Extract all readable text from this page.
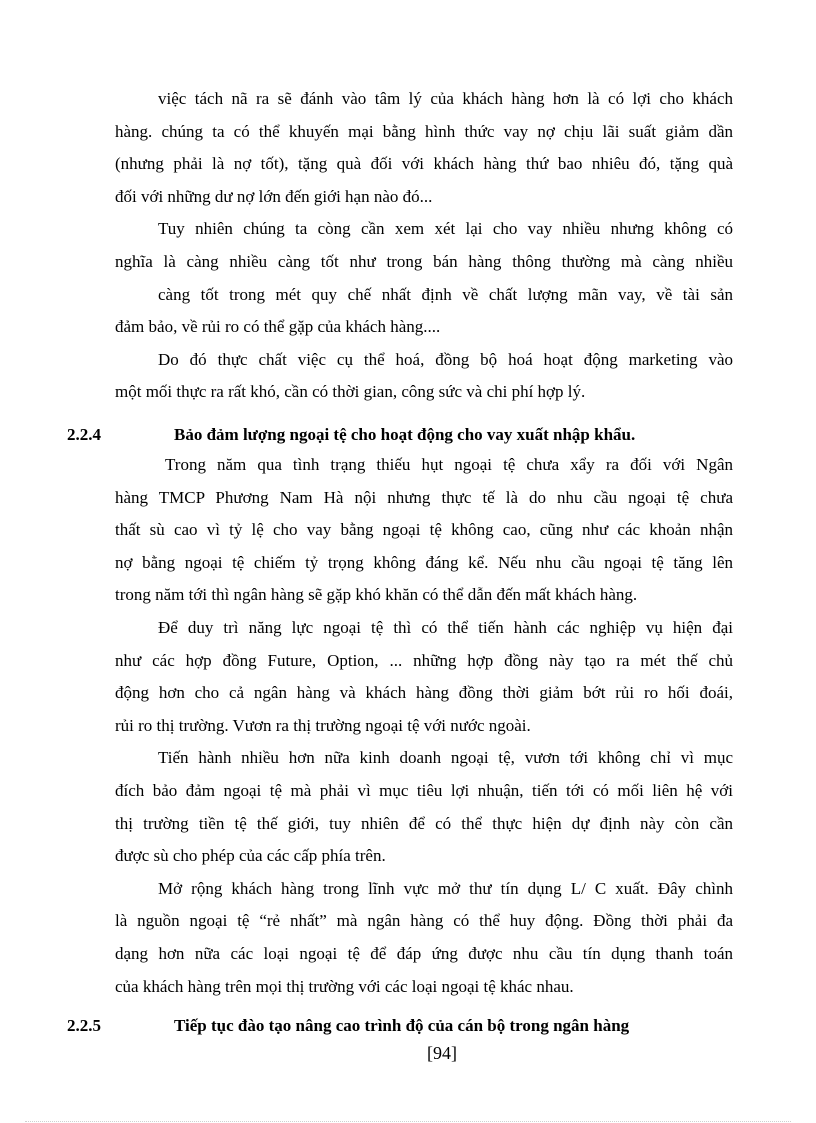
việc tách nã ra sẽ đánh vào tâm lý của khách hàng hơn là có lợi cho khách
hàng. chúng ta có thể khuyến mại bằng hình thức vay nợ chịu lãi suất giảm dần
(nhưng phải là nợ tốt), tặng quà đối với khách hàng thứ bao nhiêu đó, tặng quà
đối với những dư nợ lớn đến giới hạn nào đó...
Tuy nhiên chúng ta còng cần xem xét lại cho vay nhiều nhưng không có
nghĩa là càng nhiều càng tốt như trong bán hàng thông thường mà càng nhiều
càng tốt trong mét quy chế nhất định về chất lượng mãn vay, về tài sản
đảm bảo, về rủi ro có thể gặp của khách hàng....
Do đó thực chất việc cụ thể hoá, đồng bộ hoá hoạt động marketing vào
một mối thực ra rất khó, cần có thời gian, công sức và chi phí hợp lý.
2.2.4	Bảo đảm lượng ngoại tệ cho hoạt động cho vay xuất nhập khẩu.
Trong năm qua tình trạng thiếu hụt ngoại tệ chưa xẩy ra đối với Ngân
hàng TMCP Phương Nam Hà nội nhưng thực tế là do nhu cầu ngoại tệ chưa
thất sù cao vì tỷ lệ cho vay bằng ngoại tệ không cao, cũng như các khoản nhận
nợ bằng ngoại tệ chiếm tỷ trọng không đáng kể. Nếu nhu cầu ngoại tệ tăng lên
trong năm tới thì ngân hàng sẽ gặp khó khăn có thể dẫn đến mất khách hàng.
Để duy trì năng lực ngoại tệ thì có thể tiến hành các nghiệp vụ hiện đại
như các hợp đồng Future, Option, ... những hợp đồng này tạo ra mét thế chủ
động hơn cho cả ngân hàng và khách hàng đồng thời giảm bớt rủi ro hối đoái,
rủi ro thị trường. Vươn ra thị trường ngoại tệ với nước ngoài.
Tiến hành nhiều hơn nữa kinh doanh ngoại tệ, vươn tới không chỉ vì mục
đích bảo đảm ngoại tệ mà phải vì mục tiêu lợi nhuận, tiến tới có mối liên hệ với
thị trường tiền tệ thế giới, tuy nhiên để có thể thực hiện dự định này còn cần
được sù cho phép của các cấp phía trên.
Mở rộng khách hàng trong lĩnh vực mở thư tín dụng L/ C xuất. Đây chình
là nguồn ngoại tệ “rẻ nhất” mà ngân hàng có thể huy động. Đồng thời phải đa
dạng hơn nữa các loại ngoại tệ để đáp ứng được nhu cầu tín dụng thanh toán
của khách hàng trên mọi thị trường với các loại ngoại tệ khác nhau.
2.2.5	Tiếp tục đào tạo nâng cao trình độ của cán bộ trong ngân hàng
[94]
